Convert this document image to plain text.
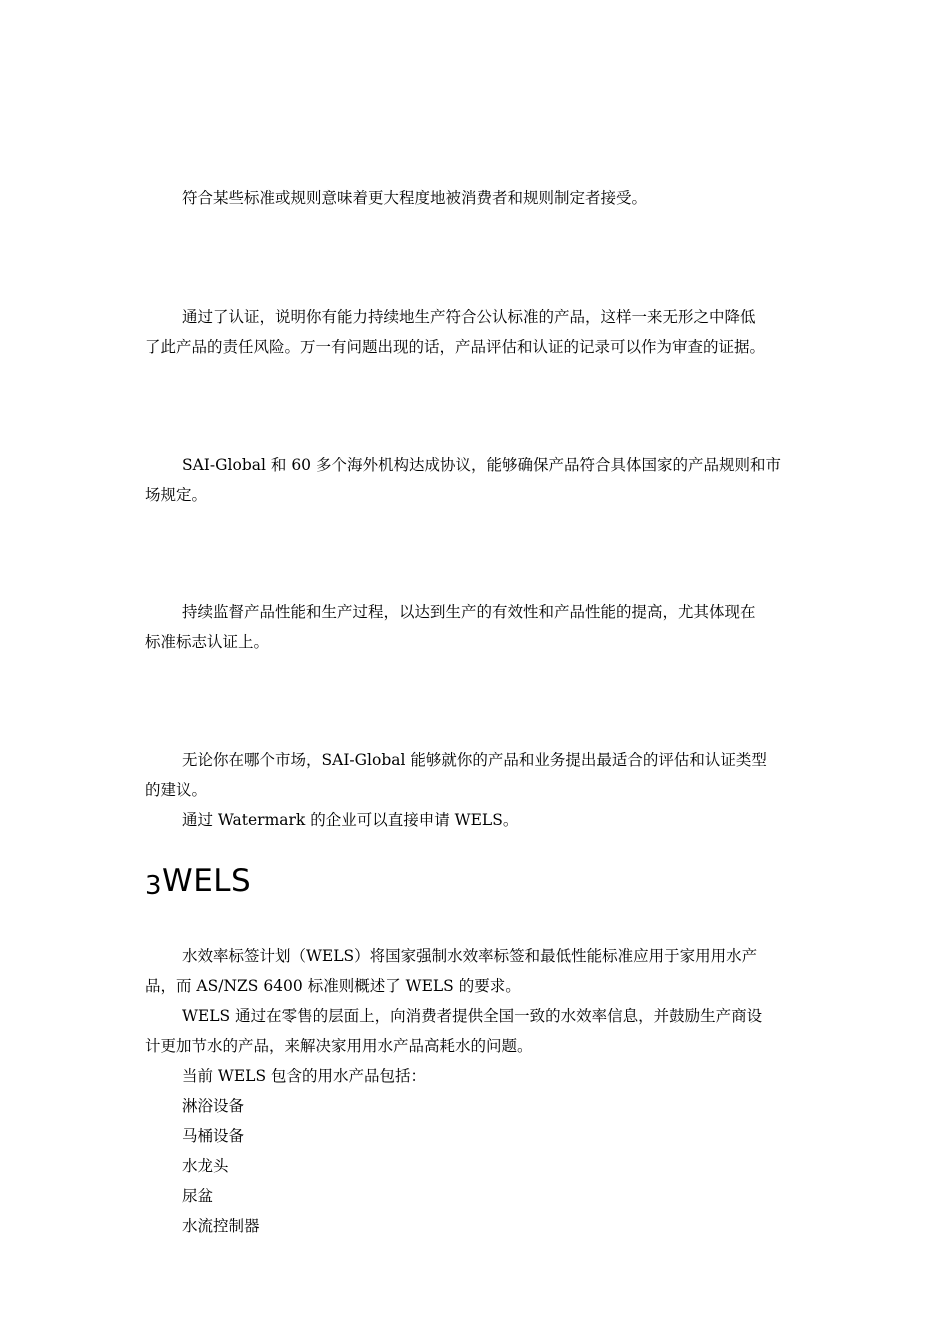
符合某些标准或规则意味着更大程度地被消费者和规则制定者接受。

通过了认证，说明你有能力持续地生产符合公认标准的产品，这样一来无形之中降低
了此产品的责任风险。万一有问题出现的话，产品评估和认证的记录可以作为审查的证据。

SAI-Global 和 60 多个海外机构达成协议，能够确保产品符合具体国家的产品规则和市
场规定。

持续监督产品性能和生产过程，以达到生产的有效性和产品性能的提高，尤其体现在
标准标志认证上。

无论你在哪个市场，SAI-Global 能够就你的产品和业务提出最适合的评估和认证类型
的建议。
通过 Watermark 的企业可以直接申请 WELS。

3WELS

水效率标签计划（WELS）将国家强制水效率标签和最低性能标准应用于家用用水产
品，而 AS/NZS 6400 标准则概述了 WELS 的要求。
WELS 通过在零售的层面上，向消费者提供全国一致的水效率信息，并鼓励生产商设
计更加节水的产品，来解决家用用水产品高耗水的问题。
当前 WELS 包含的用水产品包括：
淋浴设备
马桶设备
水龙头
尿盆
水流控制器
